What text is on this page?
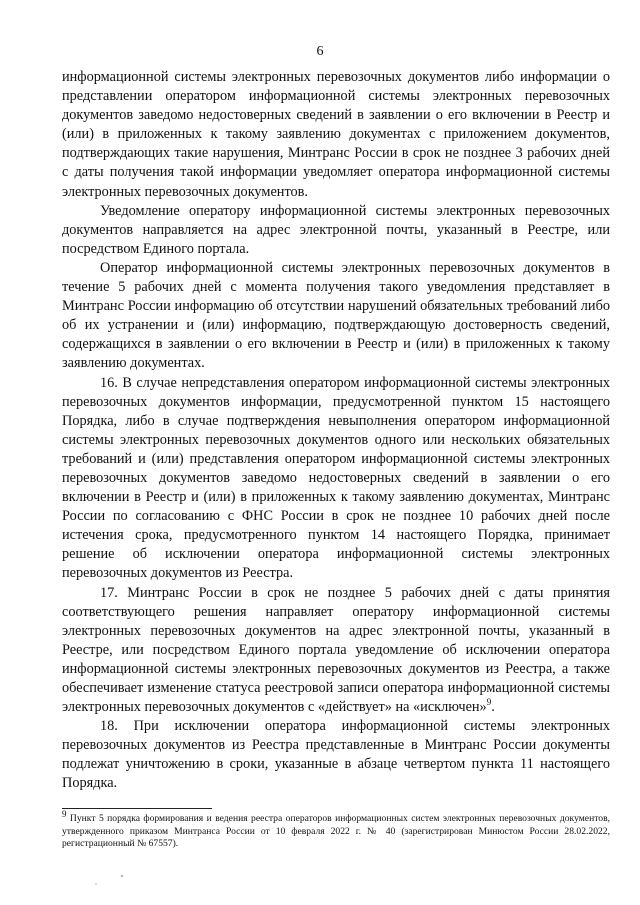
6

информационной системы электронных перевозочных документов либо информации о представлении оператором информационной системы электронных перевозочных документов заведомо недостоверных сведений в заявлении о его включении в Реестр и (или) в приложенных к такому заявлению документах с приложением документов, подтверждающих такие нарушения, Минтранс России в срок не позднее 3 рабочих дней с даты получения такой информации уведомляет оператора информационной системы электронных перевозочных документов.

Уведомление оператору информационной системы электронных перевозочных документов направляется на адрес электронной почты, указанный в Реестре, или посредством Единого портала.

Оператор информационной системы электронных перевозочных документов в течение 5 рабочих дней с момента получения такого уведомления представляет в Минтранс России информацию об отсутствии нарушений обязательных требований либо об их устранении и (или) информацию, подтверждающую достоверность сведений, содержащихся в заявлении о его включении в Реестр и (или) в приложенных к такому заявлению документах.

16. В случае непредставления оператором информационной системы электронных перевозочных документов информации, предусмотренной пунктом 15 настоящего Порядка, либо в случае подтверждения невыполнения оператором информационной системы электронных перевозочных документов одного или нескольких обязательных требований и (или) представления оператором информационной системы электронных перевозочных документов заведомо недостоверных сведений в заявлении о его включении в Реестр и (или) в приложенных к такому заявлению документах, Минтранс России по согласованию с ФНС России в срок не позднее 10 рабочих дней после истечения срока, предусмотренного пунктом 14 настоящего Порядка, принимает решение об исключении оператора информационной системы электронных перевозочных документов из Реестра.

17. Минтранс России в срок не позднее 5 рабочих дней с даты принятия соответствующего решения направляет оператору информационной системы электронных перевозочных документов на адрес электронной почты, указанный в Реестре, или посредством Единого портала уведомление об исключении оператора информационной системы электронных перевозочных документов из Реестра, а также обеспечивает изменение статуса реестровой записи оператора информационной системы электронных перевозочных документов с «действует» на «исключен»$^9$.

18. При исключении оператора информационной системы электронных перевозочных документов из Реестра представленные в Минтранс России документы подлежат уничтожению в сроки, указанные в абзаце четвертом пункта 11 настоящего Порядка.

$^9$ Пункт 5 порядка формирования и ведения реестра операторов информационных систем электронных перевозочных документов, утвержденного приказом Минтранса России от 10 февраля 2022 г. № 40 (зарегистрирован Минюстом России 28.02.2022, регистрационный № 67557).
